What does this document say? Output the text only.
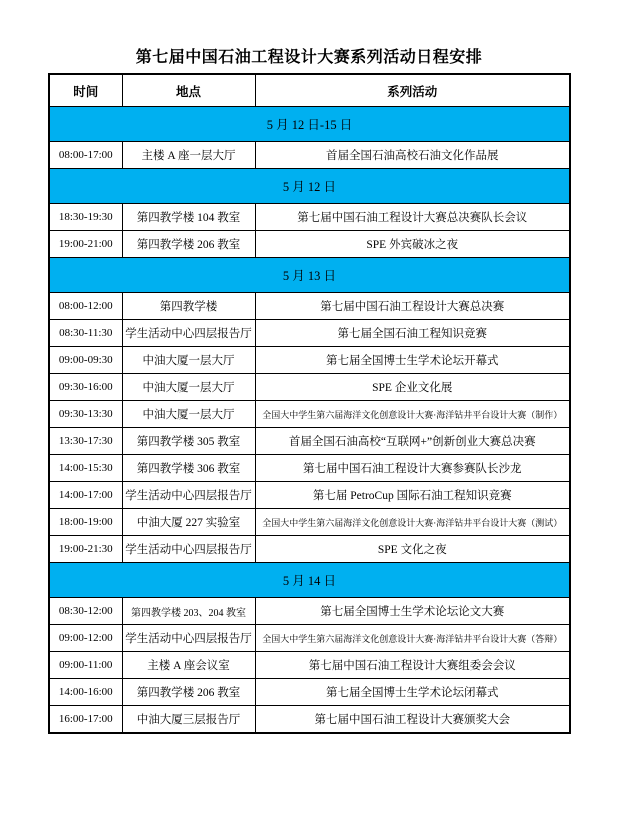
第七届中国石油工程设计大赛系列活动日程安排
时间	地点	系列活动
5 月 12 日-15 日		
08:00-17:00	主楼 A 座一层大厅	首届全国石油高校石油文化作品展
5 月 12 日		
18:30-19:30	第四教学楼 104 教室	第七届中国石油工程设计大赛总决赛队长会议
19:00-21:00	第四教学楼 206 教室	SPE 外宾破冰之夜
5 月 13 日		
08:00-12:00	第四教学楼	第七届中国石油工程设计大赛总决赛
08:30-11:30	学生活动中心四层报告厅	第七届全国石油工程知识竞赛
09:00-09:30	中油大厦一层大厅	第七届全国博士生学术论坛开幕式
09:30-16:00	中油大厦一层大厅	SPE 企业文化展
09:30-13:30	中油大厦一层大厅	全国大中学生第六届海洋文化创意设计大赛·海洋钻井平台设计大赛（制作）
13:30-17:30	第四教学楼 305 教室	首届全国石油高校“互联网+”创新创业大赛总决赛
14:00-15:30	第四教学楼 306 教室	第七届中国石油工程设计大赛参赛队长沙龙
14:00-17:00	学生活动中心四层报告厅	第七届 PetroCup 国际石油工程知识竞赛
18:00-19:00	中油大厦 227 实验室	全国大中学生第六届海洋文化创意设计大赛·海洋钻井平台设计大赛（测试）
19:00-21:30	学生活动中心四层报告厅	SPE 文化之夜
5 月 14 日		
08:30-12:00	第四教学楼 203、204 教室	第七届全国博士生学术论坛论文大赛
09:00-12:00	学生活动中心四层报告厅	全国大中学生第六届海洋文化创意设计大赛·海洋钻井平台设计大赛（答辩）
09:00-11:00	主楼 A 座会议室	第七届中国石油工程设计大赛组委会会议
14:00-16:00	第四教学楼 206 教室	第七届全国博士生学术论坛闭幕式
16:00-17:00	中油大厦三层报告厅	第七届中国石油工程设计大赛颁奖大会
